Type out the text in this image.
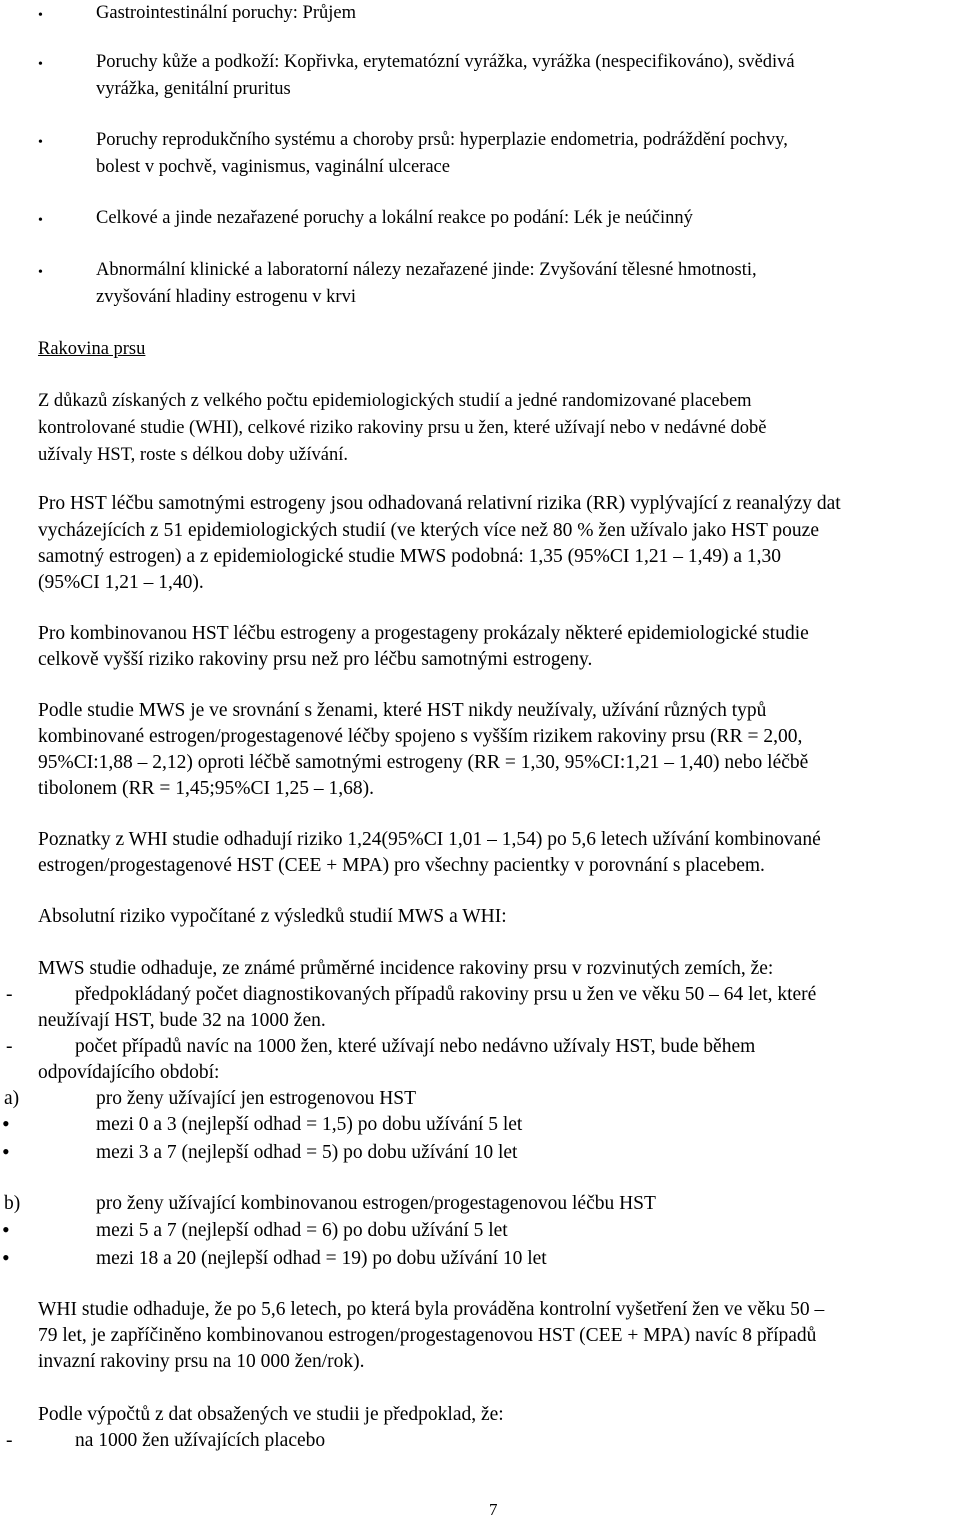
•	Gastrointestinální poruchy: Průjem
•	Poruchy kůže a podkoží: Kopřivka, erytematózní vyrážka, vyrážka (nespecifikováno), svědivá
vyrážka, genitální pruritus
•	Poruchy reprodukčního systému a choroby prsů: hyperplazie endometria, podráždění pochvy,
bolest v pochvě, vaginismus, vaginální ulcerace
•	Celkové a jinde nezařazené poruchy a lokální reakce po podání: Lék je neúčinný
•	Abnormální klinické a laboratorní nálezy nezařazené jinde: Zvyšování tělesné hmotnosti,
zvyšování hladiny estrogenu v krvi
Rakovina prsu
Z důkazů získaných z velkého počtu epidemiologických studií a jedné randomizované placebem
kontrolované studie (WHI), celkové riziko rakoviny prsu u žen, které užívají nebo v nedávné době
užívaly HST, roste s délkou doby užívání.
Pro HST léčbu samotnými estrogeny jsou odhadovaná relativní rizika (RR) vyplývající z reanalýzy dat
vycházejících z 51 epidemiologických studií (ve kterých více než 80 % žen užívalo jako HST pouze
samotný estrogen) a z epidemiologické studie MWS podobná: 1,35 (95%CI 1,21 – 1,49) a 1,30
(95%CI 1,21 – 1,40).
Pro kombinovanou HST léčbu estrogeny a progestageny prokázaly některé epidemiologické studie
celkově vyšší riziko rakoviny prsu než pro léčbu samotnými estrogeny.
Podle studie MWS je ve srovnání s ženami, které HST nikdy neužívaly, užívání různých typů
kombinované estrogen/progestagenové léčby spojeno s vyšším rizikem rakoviny prsu (RR = 2,00,
95%CI:1,88 – 2,12) oproti léčbě samotnými estrogeny (RR = 1,30, 95%CI:1,21 – 1,40) nebo léčbě
tibolonem (RR = 1,45;95%CI 1,25 – 1,68).
Poznatky z WHI studie odhadují riziko 1,24(95%CI 1,01 – 1,54) po 5,6 letech užívání kombinované
estrogen/progestagenové HST (CEE + MPA) pro všechny pacientky v porovnání s placebem.
Absolutní riziko vypočítané z výsledků studií MWS a WHI:
MWS studie odhaduje, ze známé průměrné incidence rakoviny prsu v rozvinutých zemích, že:
-	předpokládaný počet diagnostikovaných případů rakoviny prsu u žen ve věku 50 – 64 let, které
neužívají HST, bude 32 na 1000 žen.
-	počet případů navíc na 1000 žen, které užívají nebo nedávno užívaly HST, bude během
odpovídajícího období:
a)	pro ženy užívající jen estrogenovou HST
•	mezi 0 a 3 (nejlepší odhad = 1,5) po dobu užívání 5 let
•	mezi 3 a 7 (nejlepší odhad = 5) po dobu užívání 10 let
b)	pro ženy užívající kombinovanou estrogen/progestagenovou léčbu HST
•	mezi 5 a 7 (nejlepší odhad = 6) po dobu užívání 5 let
•	mezi 18 a 20 (nejlepší odhad = 19) po dobu užívání 10 let
WHI studie odhaduje, že po 5,6 letech, po která byla prováděna kontrolní vyšetření žen ve věku 50 –
79 let, je zapříčiněno kombinovanou estrogen/progestagenovou HST (CEE + MPA) navíc 8 případů
invazní rakoviny prsu na 10 000 žen/rok).
Podle výpočtů z dat obsažených ve studii je předpoklad, že:
-	na 1000 žen užívajících placebo
7
